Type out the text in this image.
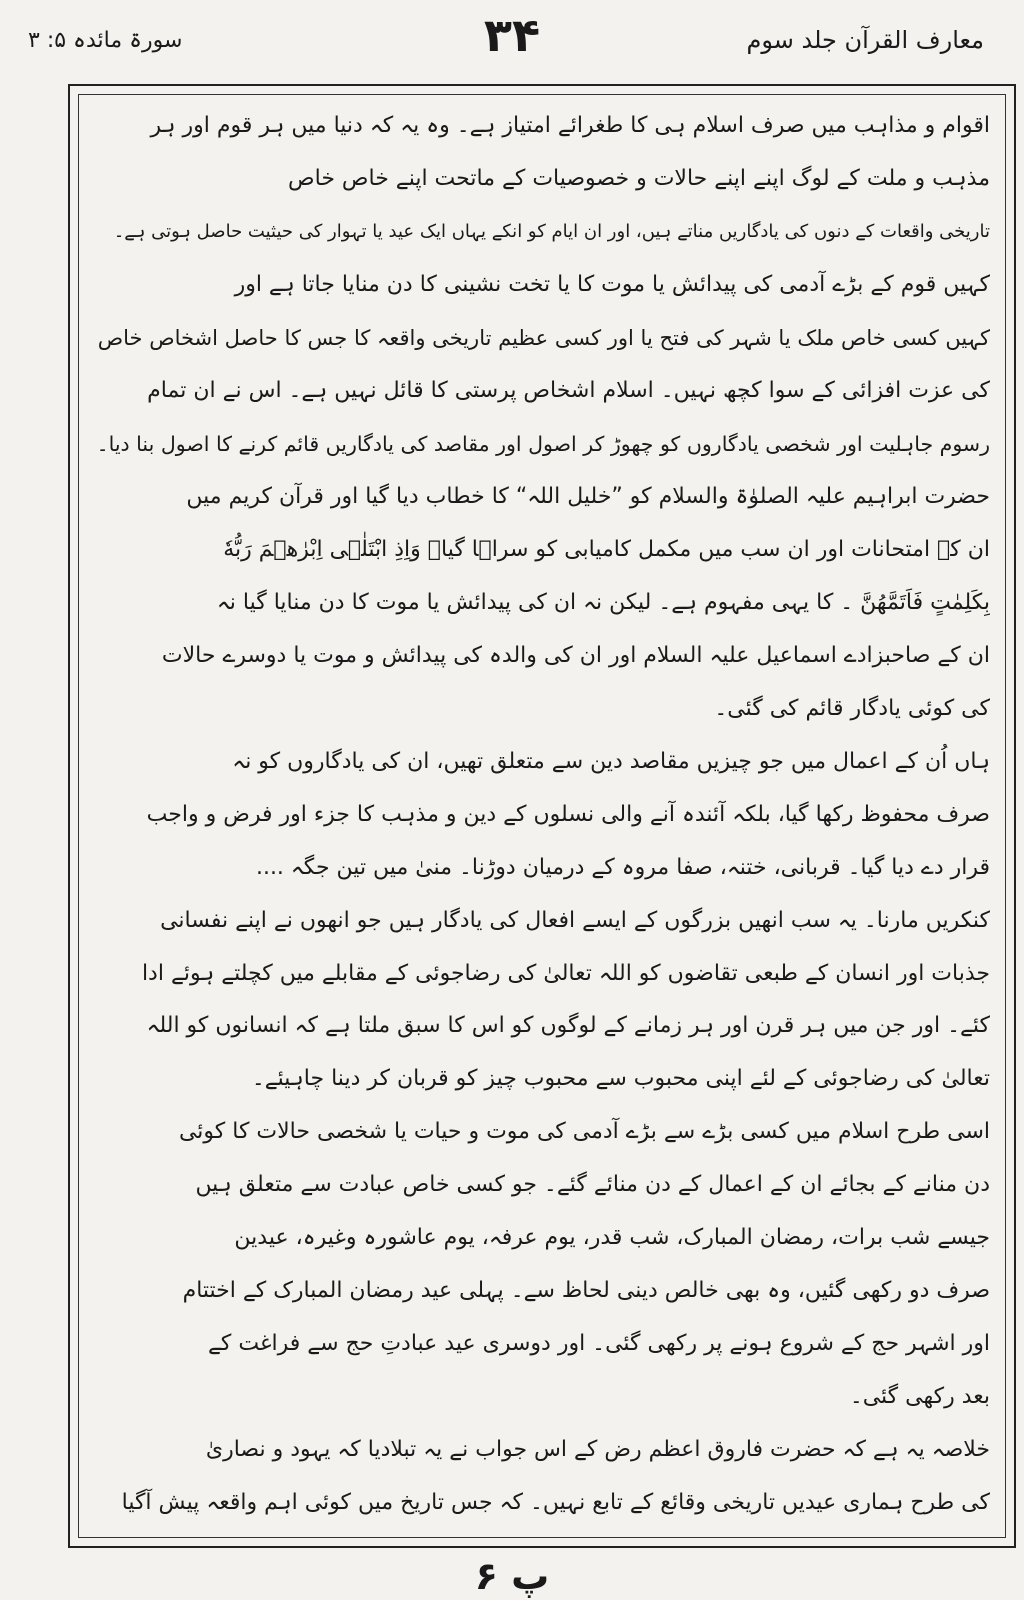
معارف القرآن جلد سوم
۳۴
سورۃ مائدہ ۵: ۳
اقوام و مذاہب میں صرف اسلام ہی کا طغرائے امتیاز ہے۔ وہ یہ کہ دنیا میں ہر قوم اور ہر
مذہب و ملت کے لوگ اپنے اپنے حالات و خصوصیات کے ماتحت اپنے خاص خاص
تاریخی واقعات کے دنوں کی یادگاریں مناتے ہیں، اور ان ایام کو انکے یہاں ایک عید یا تہوار کی حیثیت حاصل ہوتی ہے۔
کہیں قوم کے بڑے آدمی کی پیدائش یا موت کا یا تخت نشینی کا دن منایا جاتا ہے اور
کہیں کسی خاص ملک یا شہر کی فتح یا اور کسی عظیم تاریخی واقعہ کا جس کا حاصل اشخاص خاص
کی عزت افزائی کے سوا کچھ نہیں۔ اسلام اشخاص پرستی کا قائل نہیں ہے۔ اس نے ان تمام
رسوم جاہلیت اور شخصی یادگاروں کو چھوڑ کر اصول اور مقاصد کی یادگاریں قائم کرنے کا اصول بنا دیا۔
حضرت ابراہیم علیہ الصلوٰۃ والسلام کو ”خلیل اللہ“ کا خطاب دیا گیا اور قرآن کریم میں
ان کے امتحانات اور ان سب میں مکمل کامیابی کو سراہا گیا۔ وَاِذِ ابْتَلٰۤى اِبْرٰهٖمَ رَبُّهٗ
بِكَلِمٰتٍ فَاَتَمَّهُنَّ ۔ کا یہی مفہوم ہے۔ لیکن نہ ان کی پیدائش یا موت کا دن منایا گیا نہ
ان کے صاحبزادے اسماعیل علیہ السلام اور ان کی والدہ کی پیدائش و موت یا دوسرے حالات
کی کوئی یادگار قائم کی گئی۔
ہاں اُن کے اعمال میں جو چیزیں مقاصد دین سے متعلق تھیں، ان کی یادگاروں کو نہ
صرف محفوظ رکھا گیا، بلکہ آئندہ آنے والی نسلوں کے دین و مذہب کا جزء اور فرض و واجب
قرار دے دیا گیا۔ قربانی، ختنہ، صفا مروہ کے درمیان دوڑنا۔ منیٰ میں تین جگہ ....
کنکریں مارنا۔ یہ سب انھیں بزرگوں کے ایسے افعال کی یادگار ہیں جو انھوں نے اپنے نفسانی
جذبات اور انسان کے طبعی تقاضوں کو اللہ تعالیٰ کی رضاجوئی کے مقابلے میں کچلتے ہوئے ادا
کئے۔ اور جن میں ہر قرن اور ہر زمانے کے لوگوں کو اس کا سبق ملتا ہے کہ انسانوں کو اللہ
تعالیٰ کی رضاجوئی کے لئے اپنی محبوب سے محبوب چیز کو قربان کر دینا چاہیئے۔
اسی طرح اسلام میں کسی بڑے سے بڑے آدمی کی موت و حیات یا شخصی حالات کا کوئی
دن منانے کے بجائے ان کے اعمال کے دن منائے گئے۔ جو کسی خاص عبادت سے متعلق ہیں
جیسے شب برات، رمضان المبارک، شب قدر، یوم عرفہ، یوم عاشورہ وغیرہ، عیدین
صرف دو رکھی گئیں، وہ بھی خالص دینی لحاظ سے۔ پہلی عید رمضان المبارک کے اختتام
اور اشہر حج کے شروع ہونے پر رکھی گئی۔ اور دوسری عید عبادتِ حج سے فراغت کے
بعد رکھی گئی۔
خلاصہ یہ ہے کہ حضرت فاروق اعظم رض کے اس جواب نے یہ تبلادیا کہ یہود و نصاریٰ
کی طرح ہماری عیدیں تاریخی وقائع کے تابع نہیں۔ کہ جس تاریخ میں کوئی اہم واقعہ پیش آگیا
پ ۶
